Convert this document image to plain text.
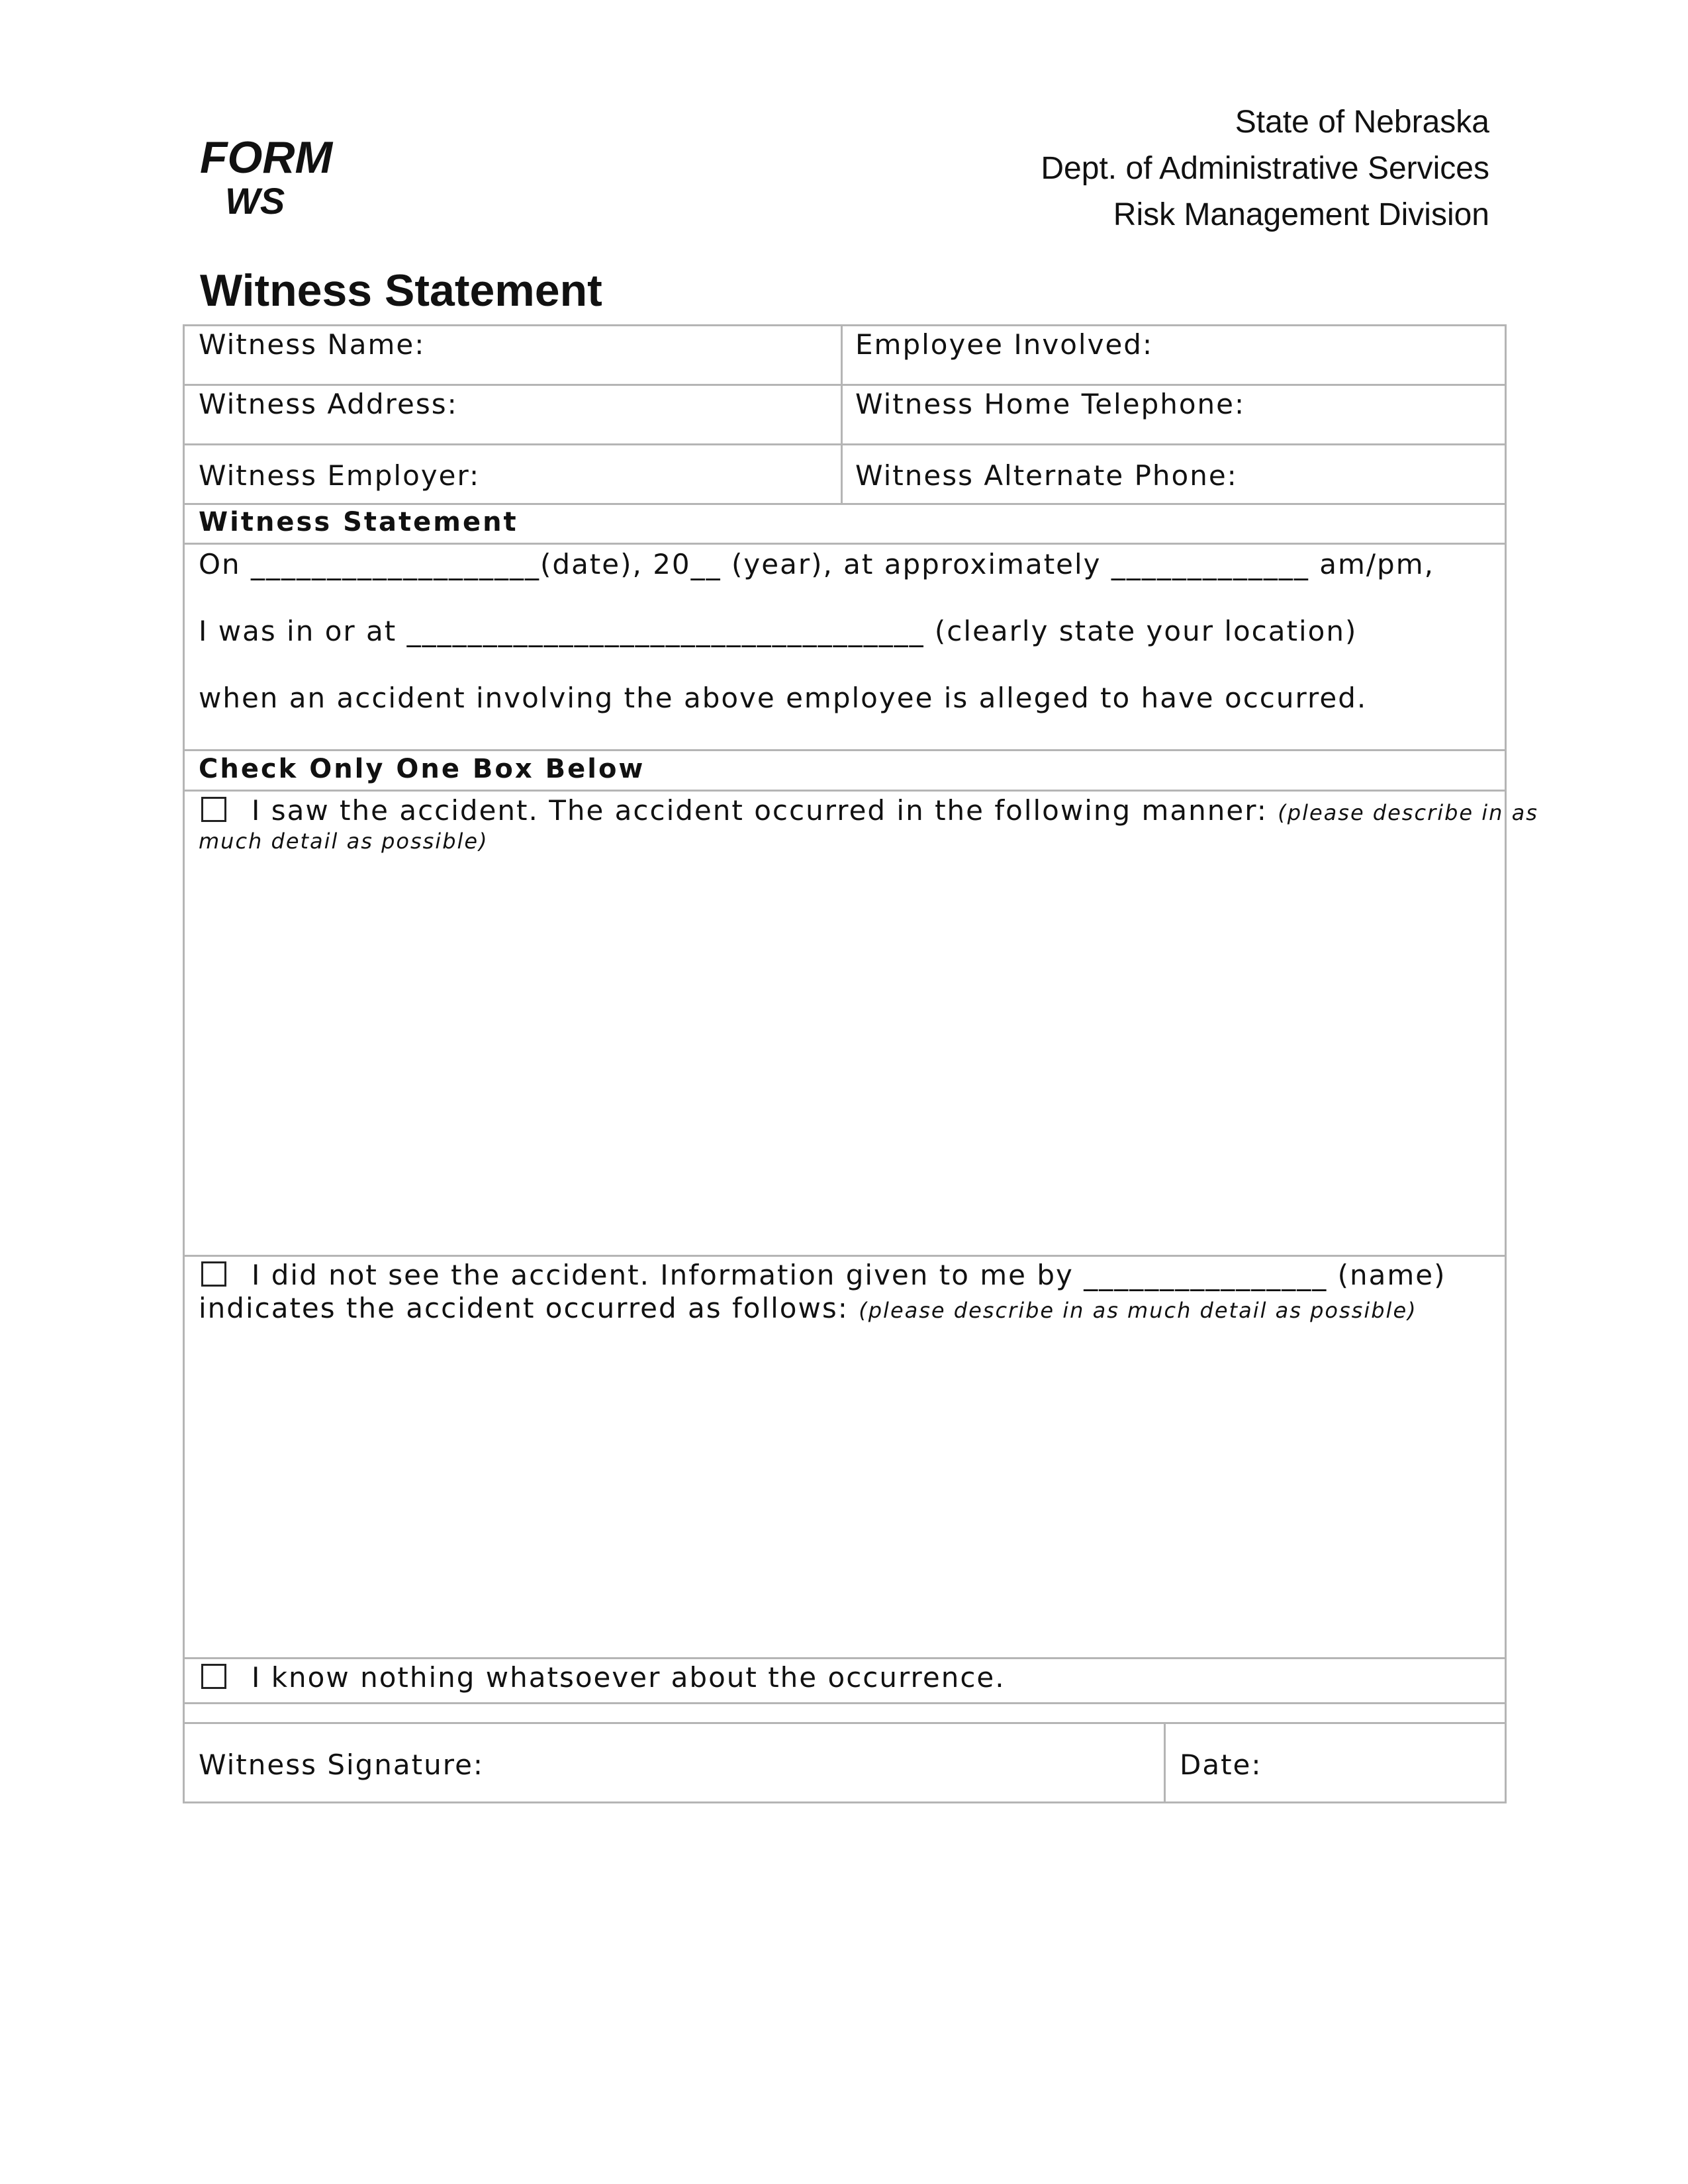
FORM
WS
State of Nebraska
Dept. of Administrative Services
Risk Management Division
Witness Statement
Witness Name:	Employee Involved:
Witness Address:	Witness Home Telephone:
Witness Employer:	Witness Alternate Phone:
Witness Statement
On ___________________(date), 20__ (year), at approximately _____________ am/pm,
I was in or at __________________________________ (clearly state your location)
when an accident involving the above employee is alleged to have occurred.
Check Only One Box Below
I saw the accident. The accident occurred in the following manner: (please describe in as
much detail as possible)
I did not see the accident. Information given to me by ________________ (name)
indicates the accident occurred as follows: (please describe in as much detail as possible)
I know nothing whatsoever about the occurrence.
Witness Signature:	Date:
